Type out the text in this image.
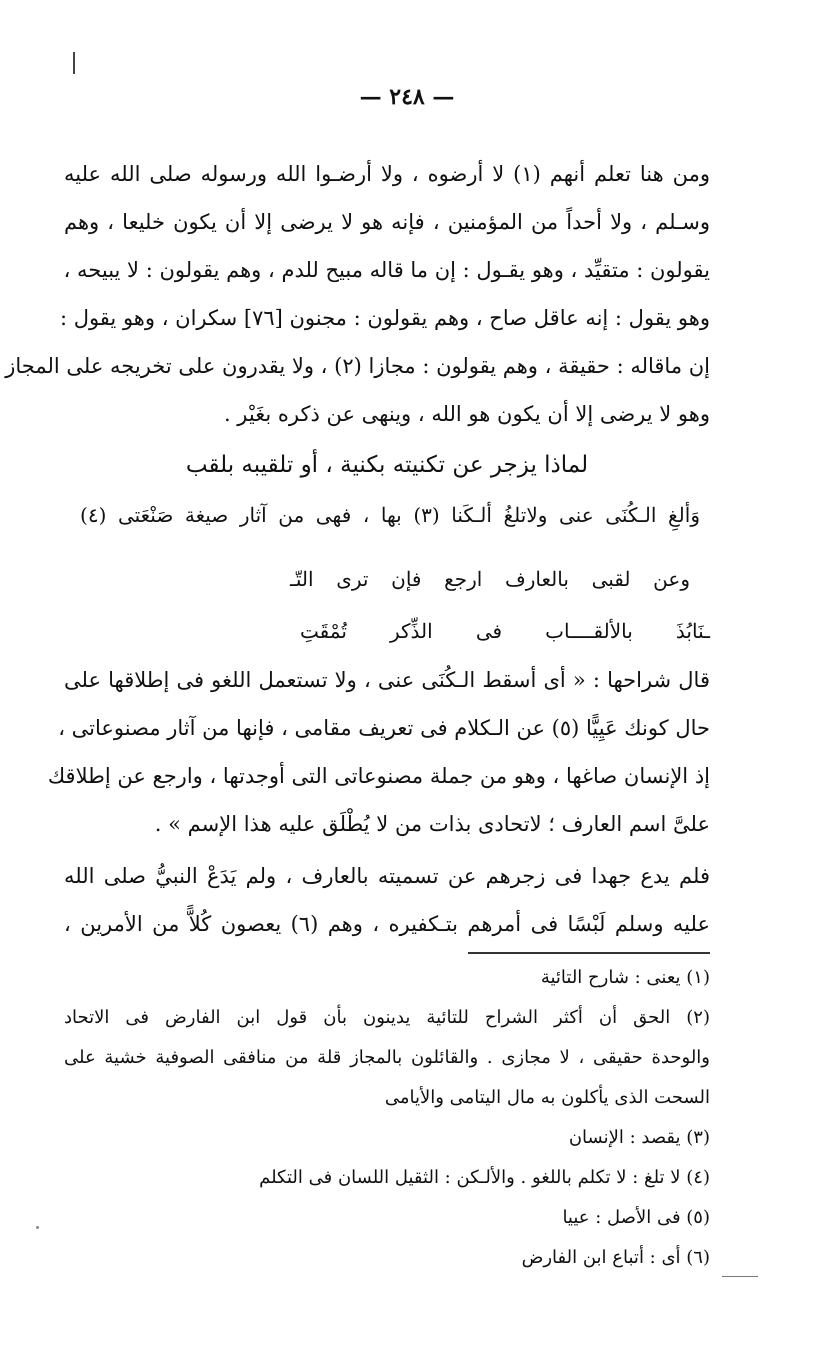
— ٢٤٨ —
ومن هنا تعلم أنهم (١) لا أرضوه ، ولا أرضـوا الله ورسوله صلى الله عليه
وسـلم ، ولا أحداً من المؤمنين ، فإنه هو لا يرضى إلا أن يكون خليعا ، وهم
يقولون : متقيِّد ، وهو يقـول : إن ما قاله مبيح للدم ، وهم يقولون : لا يبيحه ،
وهو يقول : إنه عاقل صاح ، وهم يقولون : مجنون [٧٦] سكران ، وهو يقول :
إن ماقاله : حقيقة ، وهم يقولون : مجازا (٢) ، ولا يقدرون على تخريجه على المجاز
وهو لا يرضى إلا أن يكون هو الله ، وينهى عن ذكره بغَيْر .
لماذا يزجر عن تكنيته بكنية ، أو تلقيبه بلقب
وَألغِ الـكُنَى عنى ولاتلغُ ألـكَنا (٣) بها ، فهى من آثار صيغة صَنْعَتى (٤)
وعن لقبى بالعارف ارجع فإن ترى التّـ
ـنَابُذَ بالألقــــاب فى الذِّكر تُمْقَتِ
قال شراحها : « أى أسقط الـكُنَى عنى ، ولا تستعمل اللغو فى إطلاقها على
حال كونك عَيِيًّا (٥) عن الـكلام فى تعريف مقامى ، فإنها من آثار مصنوعاتى ،
إذ الإنسان صاغها ، وهو من جملة مصنوعاتى التى أوجدتها ، وارجع عن إطلاقك
علىَّ اسم العارف ؛ لاتحادى بذات من لا يُطْلَق عليه هذا الإسم » .
فلم يدع جهدا فى زجرهم عن تسميته بالعارف ، ولم يَدَعْ النبيُّ صلى الله
عليه وسلم لَبْسًا فى أمرهم بتـكفيره ، وهم (٦) يعصون كُلاًّ من الأمرين ،
(١) يعنى : شارح التائية
(٢) الحق أن أكثر الشراح للتائية يدينون بأن قول ابن الفارض فى الاتحاد
والوحدة حقيقى ، لا مجازى . والقائلون بالمجاز قلة من منافقى الصوفية خشية على
السحت الذى يأكلون به مال اليتامى والأيامى
(٣) يقصد : الإنسان
(٤) لا تلغ : لا تكلم باللغو . والألـكن : الثقيل اللسان فى التكلم
(٥) فى الأصل : عييا
(٦) أى : أتباع ابن الفارض
